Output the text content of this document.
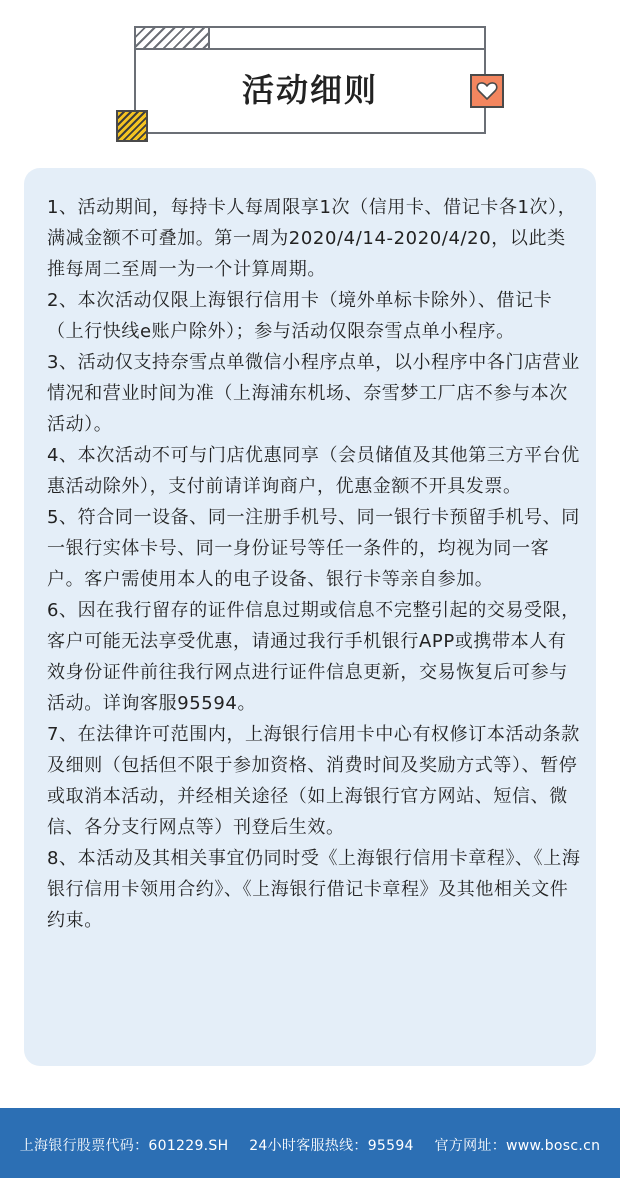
活动细则

1、活动期间，每持卡人每周限享1次（信用卡、借记卡各1次），满减金额不可叠加。第一周为2020/4/14-2020/4/20，以此类推每周二至周一为一个计算周期。

2、本次活动仅限上海银行信用卡（境外单标卡除外）、借记卡（上行快线e账户除外）；参与活动仅限奈雪点单小程序。

3、活动仅支持奈雪点单微信小程序点单，以小程序中各门店营业情况和营业时间为准（上海浦东机场、奈雪梦工厂店不参与本次活动）。

4、本次活动不可与门店优惠同享（会员储值及其他第三方平台优惠活动除外），支付前请详询商户，优惠金额不开具发票。

5、符合同一设备、同一注册手机号、同一银行卡预留手机号、同一银行实体卡号、同一身份证号等任一条件的，均视为同一客户。客户需使用本人的电子设备、银行卡等亲自参加。

6、因在我行留存的证件信息过期或信息不完整引起的交易受限，客户可能无法享受优惠，请通过我行手机银行APP或携带本人有效身份证件前往我行网点进行证件信息更新，交易恢复后可参与活动。详询客服95594。

7、在法律许可范围内，上海银行信用卡中心有权修订本活动条款及细则（包括但不限于参加资格、消费时间及奖励方式等）、暂停或取消本活动，并经相关途径（如上海银行官方网站、短信、微信、各分支行网点等）刊登后生效。

8、本活动及其相关事宜仍同时受《上海银行信用卡章程》、《上海银行信用卡领用合约》、《上海银行借记卡章程》及其他相关文件约束。

上海银行股票代码：601229.SH 24小时客服热线：95594 官方网址：www.bosc.cn
